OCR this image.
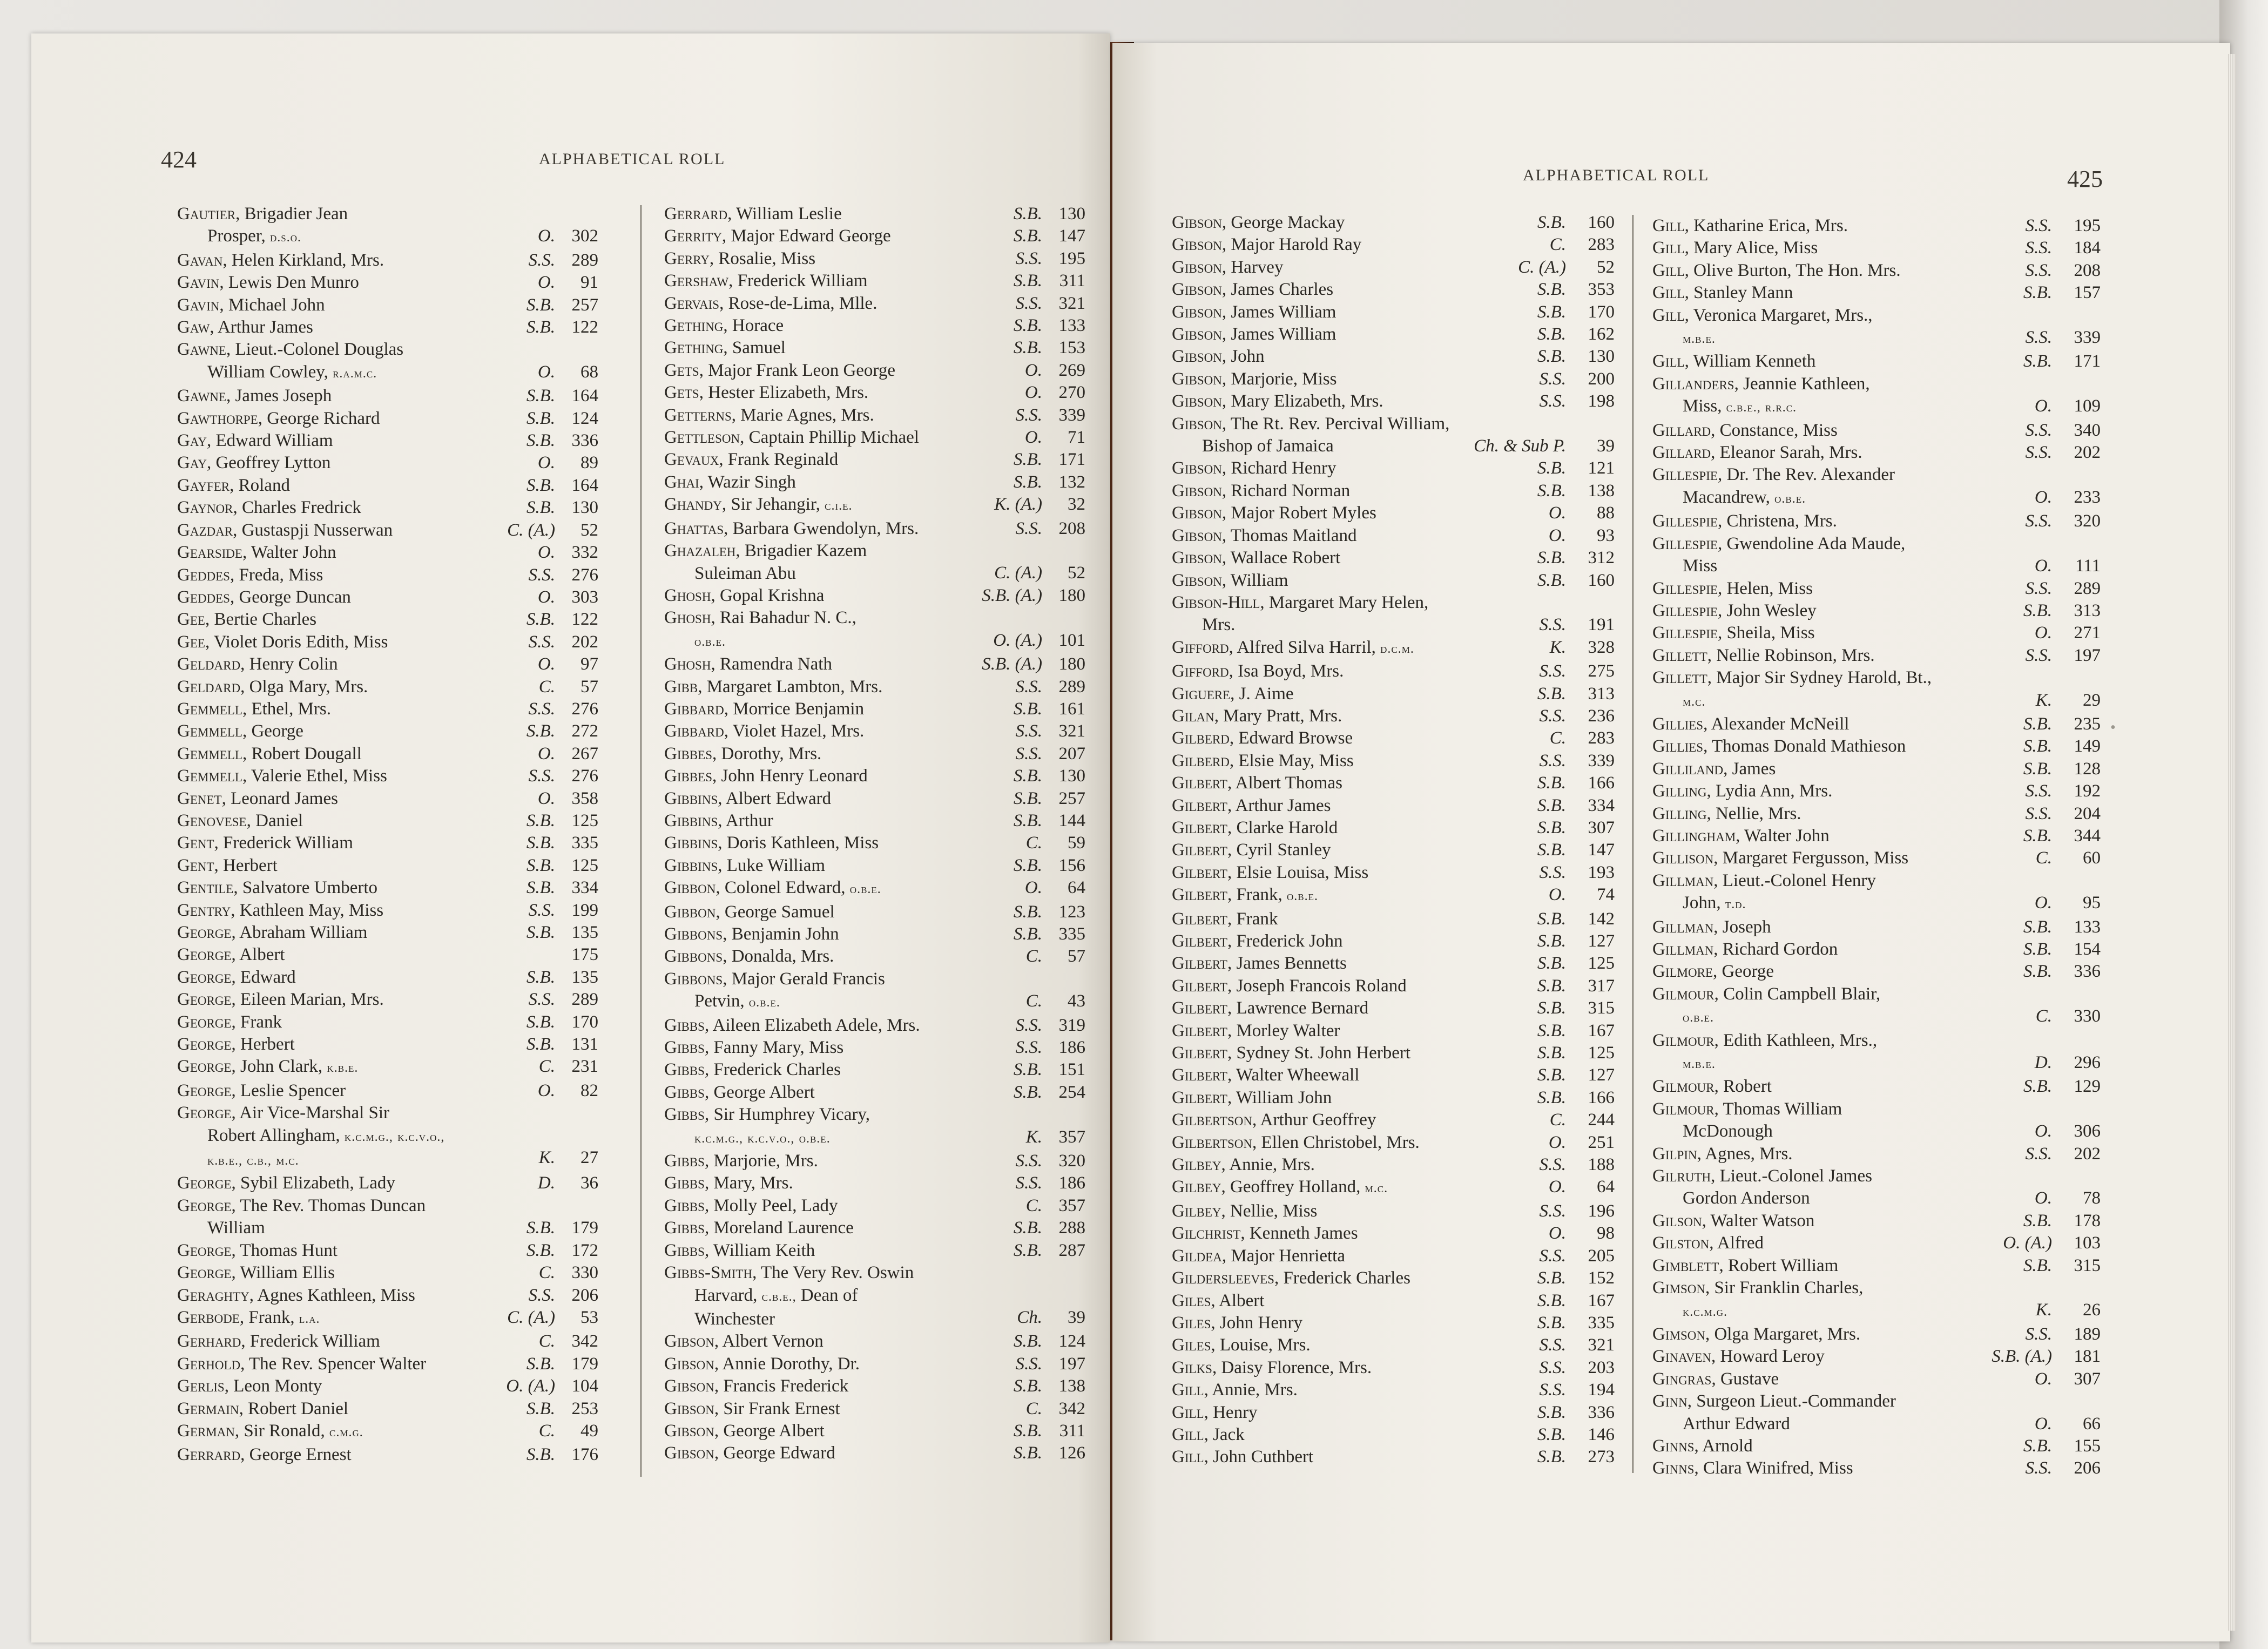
424	ALPHABETICAL ROLL
Gautier, Brigadier Jean
Prosper, d.s.o.	O. 302
Gavan, Helen Kirkland, Mrs.	S.S. 289
Gavin, Lewis Den Munro	O. 91
Gavin, Michael John	S.B. 257
Gaw, Arthur James	S.B. 122
Gawne, Lieut.-Colonel Douglas
William Cowley, r.a.m.c.	O. 68
Gawne, James Joseph	S.B. 164
Gawthorpe, George Richard	S.B. 124
Gay, Edward William	S.B. 336
Gay, Geoffrey Lytton	O. 89
Gayfer, Roland	S.B. 164
Gaynor, Charles Fredrick	S.B. 130
Gazdar, Gustaspji Nusserwan	C. (A.) 52
Gearside, Walter John	O. 332
Geddes, Freda, Miss	S.S. 276
Geddes, George Duncan	O. 303
Gee, Bertie Charles	S.B. 122
Gee, Violet Doris Edith, Miss	S.S. 202
Geldard, Henry Colin	O. 97
Geldard, Olga Mary, Mrs.	C. 57
Gemmell, Ethel, Mrs.	S.S. 276
Gemmell, George	S.B. 272
Gemmell, Robert Dougall	O. 267
Gemmell, Valerie Ethel, Miss	S.S. 276
Genet, Leonard James	O. 358
Genovese, Daniel	S.B. 125
Gent, Frederick William	S.B. 335
Gent, Herbert	S.B. 125
Gentile, Salvatore Umberto	S.B. 334
Gentry, Kathleen May, Miss	S.S. 199
George, Abraham William	S.B. 135
George, Albert	175
George, Edward	S.B. 135
George, Eileen Marian, Mrs.	S.S. 289
George, Frank	S.B. 170
George, Herbert	S.B. 131
George, John Clark, k.b.e.	C. 231
George, Leslie Spencer	O. 82
George, Air Vice-Marshal Sir
Robert Allingham, k.c.m.g., k.c.v.o.,
k.b.e., c.b., m.c.	K. 27
George, Sybil Elizabeth, Lady	D. 36
George, The Rev. Thomas Duncan
William	S.B. 179
George, Thomas Hunt	S.B. 172
George, William Ellis	C. 330
Geraghty, Agnes Kathleen, Miss	S.S. 206
Gerbode, Frank, l.a.	C. (A.) 53
Gerhard, Frederick William	C. 342
Gerhold, The Rev. Spencer Walter	S.B. 179
Gerlis, Leon Monty	O. (A.) 104
Germain, Robert Daniel	S.B. 253
German, Sir Ronald, c.m.g.	C. 49
Gerrard, George Ernest	S.B. 176
Gerrard, William Leslie	S.B. 130
Gerrity, Major Edward George	S.B. 147
Gerry, Rosalie, Miss	S.S. 195
Gershaw, Frederick William	S.B. 311
Gervais, Rose-de-Lima, Mlle.	S.S. 321
Gething, Horace	S.B. 133
Gething, Samuel	S.B. 153
Gets, Major Frank Leon George	O. 269
Gets, Hester Elizabeth, Mrs.	O. 270
Getterns, Marie Agnes, Mrs.	S.S. 339
Gettleson, Captain Phillip Michael	O. 71
Gevaux, Frank Reginald	S.B. 171
Ghai, Wazir Singh	S.B. 132
Ghandy, Sir Jehangir, c.i.e.	K. (A.) 32
Ghattas, Barbara Gwendolyn, Mrs.	S.S. 208
Ghazaleh, Brigadier Kazem
Suleiman Abu	C. (A.) 52
Ghosh, Gopal Krishna	S.B. (A.) 180
Ghosh, Rai Bahadur N. C.,
o.b.e.	O. (A.) 101
Ghosh, Ramendra Nath	S.B. (A.) 180
Gibb, Margaret Lambton, Mrs.	S.S. 289
Gibbard, Morrice Benjamin	S.B. 161
Gibbard, Violet Hazel, Mrs.	S.S. 321
Gibbes, Dorothy, Mrs.	S.S. 207
Gibbes, John Henry Leonard	S.B. 130
Gibbins, Albert Edward	S.B. 257
Gibbins, Arthur	S.B. 144
Gibbins, Doris Kathleen, Miss	C. 59
Gibbins, Luke William	S.B. 156
Gibbon, Colonel Edward, o.b.e.	O. 64
Gibbon, George Samuel	S.B. 123
Gibbons, Benjamin John	S.B. 335
Gibbons, Donalda, Mrs.	C. 57
Gibbons, Major Gerald Francis
Petvin, o.b.e.	C. 43
Gibbs, Aileen Elizabeth Adele, Mrs.	S.S. 319
Gibbs, Fanny Mary, Miss	S.S. 186
Gibbs, Frederick Charles	S.B. 151
Gibbs, George Albert	S.B. 254
Gibbs, Sir Humphrey Vicary,
k.c.m.g., k.c.v.o., o.b.e.	K. 357
Gibbs, Marjorie, Mrs.	S.S. 320
Gibbs, Mary, Mrs.	S.S. 186
Gibbs, Molly Peel, Lady	C. 357
Gibbs, Moreland Laurence	S.B. 288
Gibbs, William Keith	S.B. 287
Gibbs-Smith, The Very Rev. Oswin
Harvard, c.b.e., Dean of
Winchester	Ch. 39
Gibson, Albert Vernon	S.B. 124
Gibson, Annie Dorothy, Dr.	S.S. 197
Gibson, Francis Frederick	S.B. 138
Gibson, Sir Frank Ernest	C. 342
Gibson, George Albert	S.B. 311
Gibson, George Edward	S.B. 126
ALPHABETICAL ROLL	425
Gibson, George Mackay	S.B. 160
Gibson, Major Harold Ray	C. 283
Gibson, Harvey	C. (A.) 52
Gibson, James Charles	S.B. 353
Gibson, James William	S.B. 170
Gibson, James William	S.B. 162
Gibson, John	S.B. 130
Gibson, Marjorie, Miss	S.S. 200
Gibson, Mary Elizabeth, Mrs.	S.S. 198
Gibson, The Rt. Rev. Percival William,
Bishop of Jamaica	Ch. & Sub P. 39
Gibson, Richard Henry	S.B. 121
Gibson, Richard Norman	S.B. 138
Gibson, Major Robert Myles	O. 88
Gibson, Thomas Maitland	O. 93
Gibson, Wallace Robert	S.B. 312
Gibson, William	S.B. 160
Gibson-Hill, Margaret Mary Helen,
Mrs.	S.S. 191
Gifford, Alfred Silva Harril, d.c.m.	K. 328
Gifford, Isa Boyd, Mrs.	S.S. 275
Giguere, J. Aime	S.B. 313
Gilan, Mary Pratt, Mrs.	S.S. 236
Gilberd, Edward Browse	C. 283
Gilberd, Elsie May, Miss	S.S. 339
Gilbert, Albert Thomas	S.B. 166
Gilbert, Arthur James	S.B. 334
Gilbert, Clarke Harold	S.B. 307
Gilbert, Cyril Stanley	S.B. 147
Gilbert, Elsie Louisa, Miss	S.S. 193
Gilbert, Frank, o.b.e.	O. 74
Gilbert, Frank	S.B. 142
Gilbert, Frederick John	S.B. 127
Gilbert, James Bennetts	S.B. 125
Gilbert, Joseph Francois Roland	S.B. 317
Gilbert, Lawrence Bernard	S.B. 315
Gilbert, Morley Walter	S.B. 167
Gilbert, Sydney St. John Herbert	S.B. 125
Gilbert, Walter Wheewall	S.B. 127
Gilbert, William John	S.B. 166
Gilbertson, Arthur Geoffrey	C. 244
Gilbertson, Ellen Christobel, Mrs.	O. 251
Gilbey, Annie, Mrs.	S.S. 188
Gilbey, Geoffrey Holland, m.c.	O. 64
Gilbey, Nellie, Miss	S.S. 196
Gilchrist, Kenneth James	O. 98
Gildea, Major Henrietta	S.S. 205
Gildersleeves, Frederick Charles	S.B. 152
Giles, Albert	S.B. 167
Giles, John Henry	S.B. 335
Giles, Louise, Mrs.	S.S. 321
Gilks, Daisy Florence, Mrs.	S.S. 203
Gill, Annie, Mrs.	S.S. 194
Gill, Henry	S.B. 336
Gill, Jack	S.B. 146
Gill, John Cuthbert	S.B. 273
Gill, Katharine Erica, Mrs.	S.S. 195
Gill, Mary Alice, Miss	S.S. 184
Gill, Olive Burton, The Hon. Mrs.	S.S. 208
Gill, Stanley Mann	S.B. 157
Gill, Veronica Margaret, Mrs.,
m.b.e.	S.S. 339
Gill, William Kenneth	S.B. 171
Gillanders, Jeannie Kathleen,
Miss, c.b.e., r.r.c.	O. 109
Gillard, Constance, Miss	S.S. 340
Gillard, Eleanor Sarah, Mrs.	S.S. 202
Gillespie, Dr. The Rev. Alexander
Macandrew, o.b.e.	O. 233
Gillespie, Christena, Mrs.	S.S. 320
Gillespie, Gwendoline Ada Maude,
Miss	O. 111
Gillespie, Helen, Miss	S.S. 289
Gillespie, John Wesley	S.B. 313
Gillespie, Sheila, Miss	O. 271
Gillett, Nellie Robinson, Mrs.	S.S. 197
Gillett, Major Sir Sydney Harold, Bt.,
m.c.	K. 29
Gillies, Alexander McNeill	S.B. 235
Gillies, Thomas Donald Mathieson	S.B. 149
Gilliland, James	S.B. 128
Gilling, Lydia Ann, Mrs.	S.S. 192
Gilling, Nellie, Mrs.	S.S. 204
Gillingham, Walter John	S.B. 344
Gillison, Margaret Fergusson, Miss	C. 60
Gillman, Lieut.-Colonel Henry
John, t.d.	O. 95
Gillman, Joseph	S.B. 133
Gillman, Richard Gordon	S.B. 154
Gilmore, George	S.B. 336
Gilmour, Colin Campbell Blair,
o.b.e.	C. 330
Gilmour, Edith Kathleen, Mrs.,
m.b.e.	D. 296
Gilmour, Robert	S.B. 129
Gilmour, Thomas William
McDonough	O. 306
Gilpin, Agnes, Mrs.	S.S. 202
Gilruth, Lieut.-Colonel James
Gordon Anderson	O. 78
Gilson, Walter Watson	S.B. 178
Gilston, Alfred	O. (A.) 103
Gimblett, Robert William	S.B. 315
Gimson, Sir Franklin Charles,
k.c.m.g.	K. 26
Gimson, Olga Margaret, Mrs.	S.S. 189
Ginaven, Howard Leroy	S.B. (A.) 181
Gingras, Gustave	O. 307
Ginn, Surgeon Lieut.-Commander
Arthur Edward	O. 66
Ginns, Arnold	S.B. 155
Ginns, Clara Winifred, Miss	S.S. 206
•
